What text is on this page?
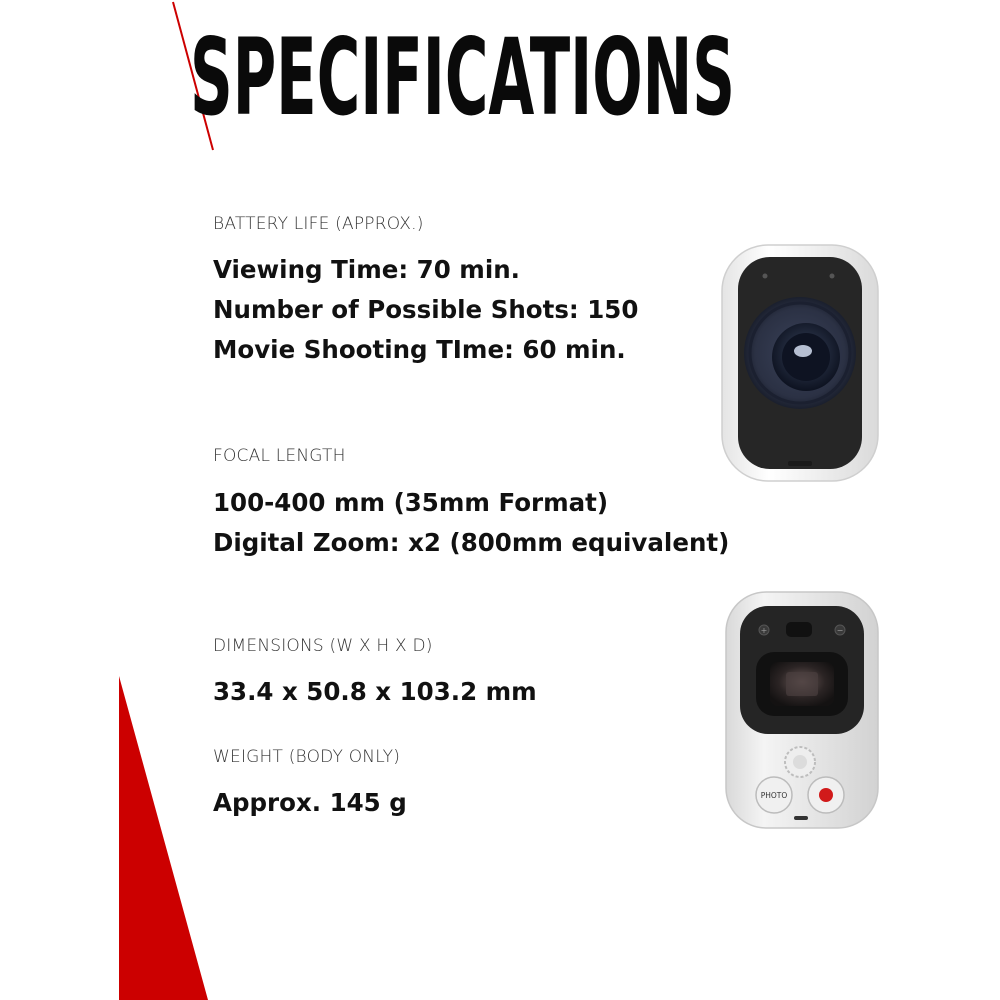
SPECIFICATIONS

BATTERY LIFE (APPROX.)

Viewing Time: 70 min.

Number of Possible Shots: 150

Movie Shooting TIme: 60 min.

FOCAL LENGTH

100-400 mm (35mm Format)

Digital Zoom: x2 (800mm equivalent)

DIMENSIONS (W X H X D)

33.4 x 50.8 x 103.2 mm

WEIGHT (BODY ONLY)

Approx. 145 g

+	−
PHOTO
